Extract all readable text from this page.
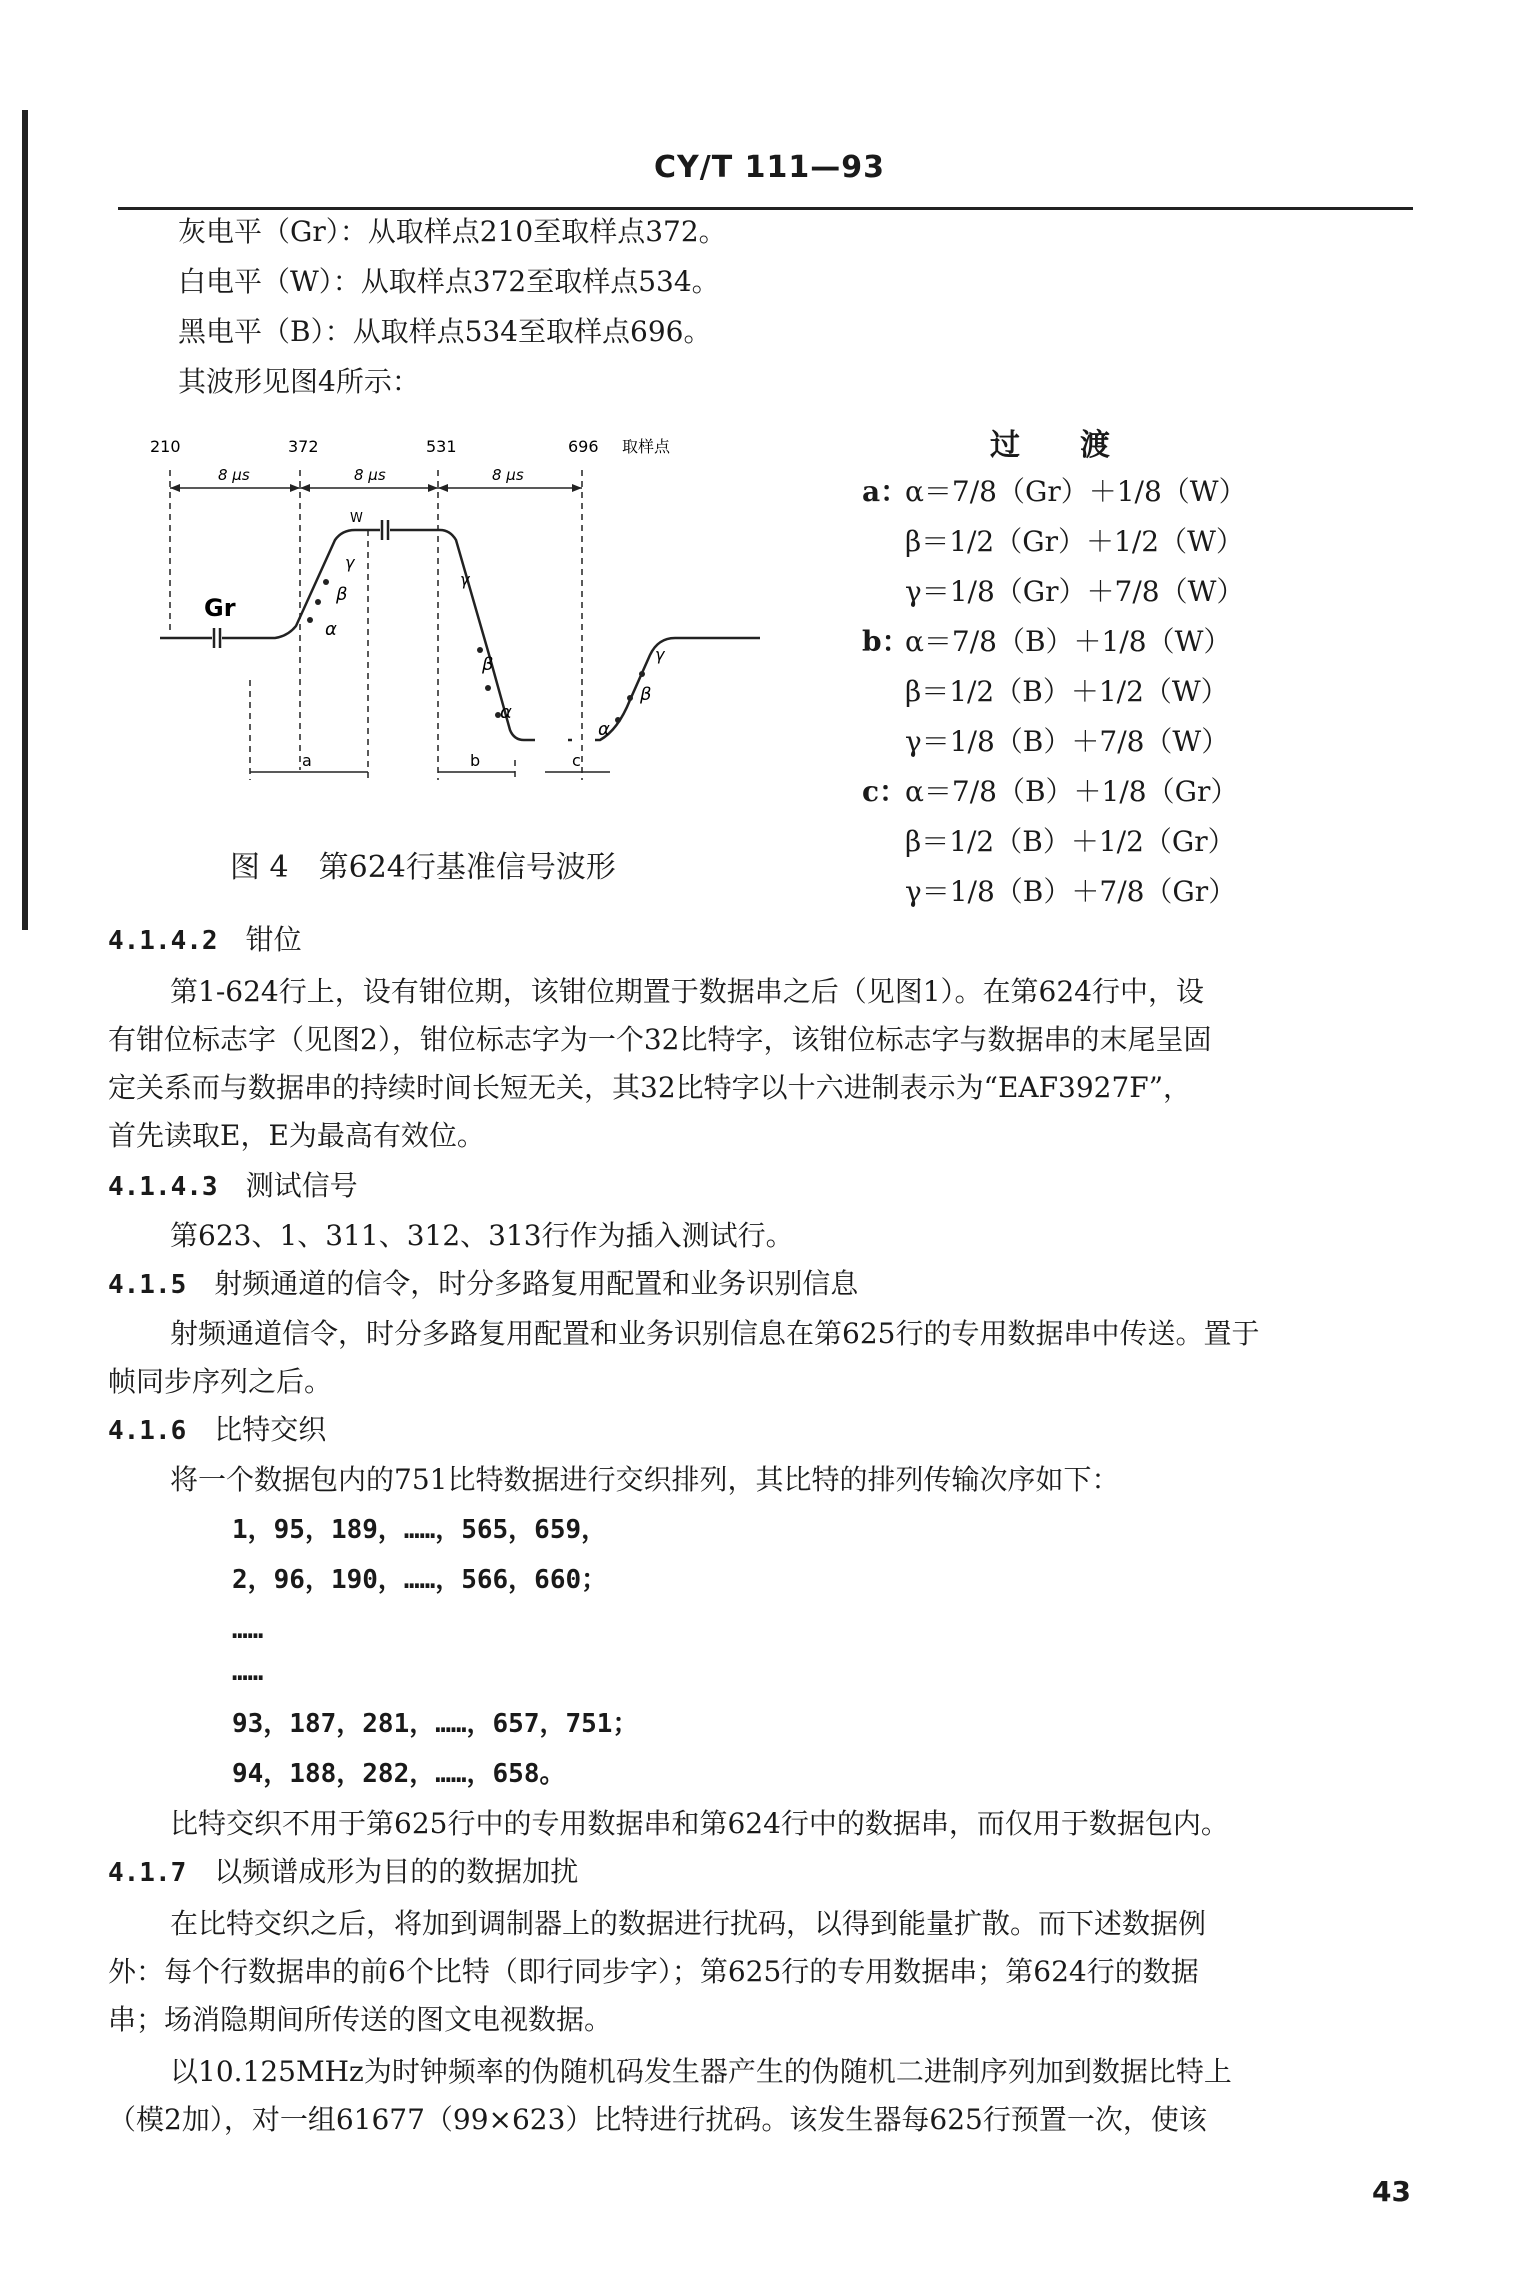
CY/T 111—93
灰电平（Gr）：从取样点210至取样点372。
白电平（W）：从取样点372至取样点534。
黑电平（B）：从取样点534至取样点696。
其波形见图4所示：
210	372	531	696 取样点
8 μs	8 μs	8 μs
Gr
W
α
β
γ
γ
β
α
α
β
γ
a	b	c
图 4　第624行基准信号波形
过　　渡
a：
α＝7/8（Gr）＋1/8（W）
β＝1/2（Gr）＋1/2（W）
γ＝1/8（Gr）＋7/8（W）
b：
α＝7/8（B）＋1/8（W）
β＝1/2（B）＋1/2（W）
γ＝1/8（B）＋7/8（W）
c：
α＝7/8（B）＋1/8（Gr）
β＝1/2（B）＋1/2（Gr）
γ＝1/8（B）＋7/8（Gr）
4.1.4.2　 钳位
第1-624行上，设有钳位期，该钳位期置于数据串之后（见图1）。在第624行中，设
有钳位标志字（见图2），钳位标志字为一个32比特字，该钳位标志字与数据串的末尾呈固
定关系而与数据串的持续时间长短无关，其32比特字以十六进制表示为“EAF3927F”，
首先读取E，E为最高有效位。
4.1.4.3　 测试信号
第623、1、311、312、313行作为插入测试行。
4.1.5　 射频通道的信令，时分多路复用配置和业务识别信息
射频通道信令，时分多路复用配置和业务识别信息在第625行的专用数据串中传送。置于
帧同步序列之后。
4.1.6　 比特交织
将一个数据包内的751比特数据进行交织排列，其比特的排列传输次序如下：
1，95，189，……，565，659，
2，96，190，……，566，660；
……
……
93，187，281，……，657，751；
94，188，282，……，658。
比特交织不用于第625行中的专用数据串和第624行中的数据串，而仅用于数据包内。
4.1.7　 以频谱成形为目的的数据加扰
在比特交织之后，将加到调制器上的数据进行扰码，以得到能量扩散。而下述数据例
外：每个行数据串的前6个比特（即行同步字）；第625行的专用数据串；第624行的数据
串；场消隐期间所传送的图文电视数据。
以10.125MHz为时钟频率的伪随机码发生器产生的伪随机二进制序列加到数据比特上
（模2加），对一组61677（99×623）比特进行扰码。该发生器每625行预置一次，使该
43
